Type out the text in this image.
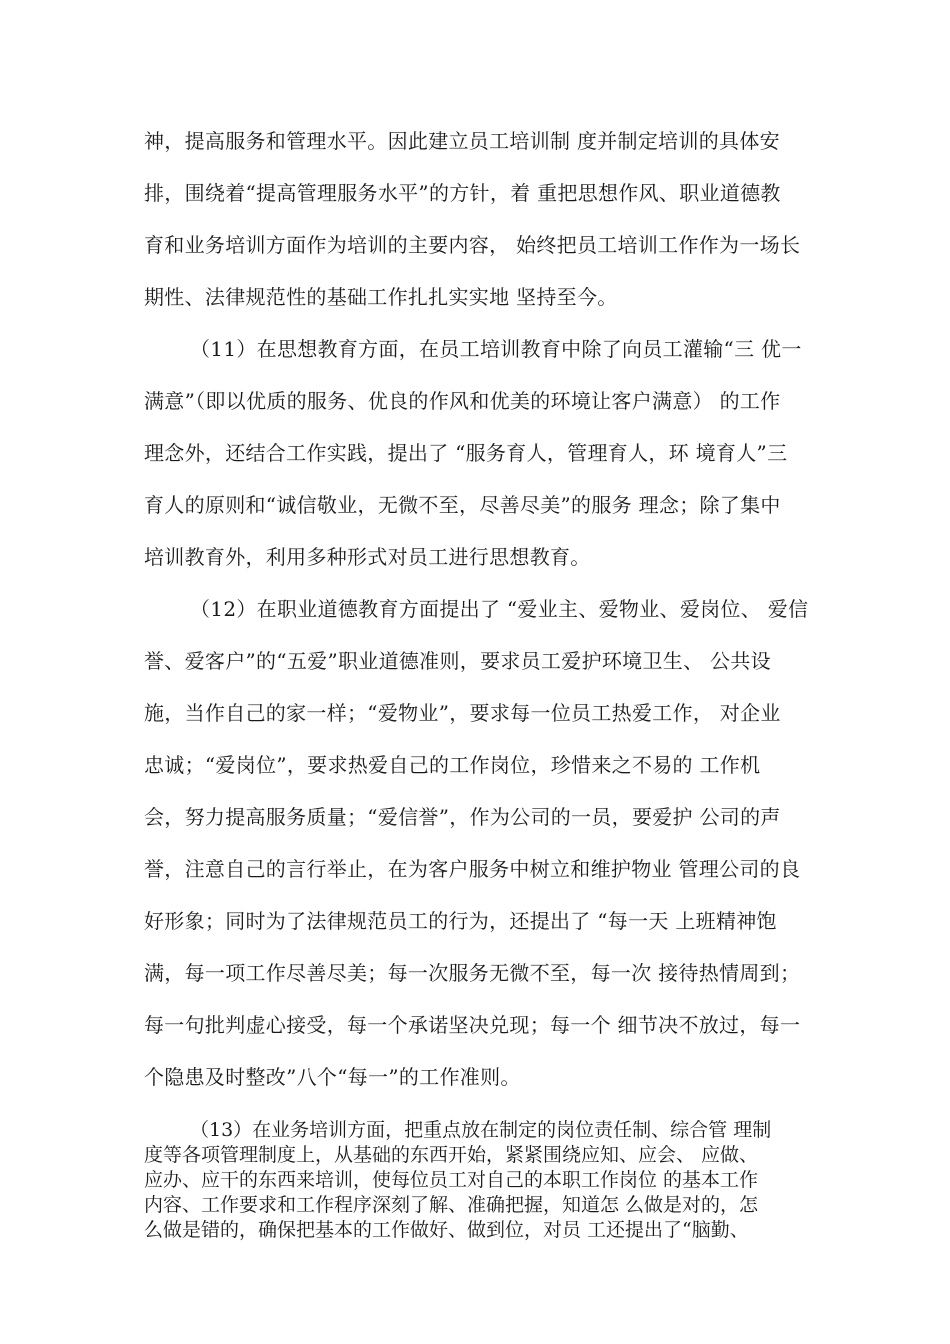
神，提高服务和管理水平。因此建立员工培训制 度并制定培训的具体安
排，围绕着“提高管理服务水平”的方针，着 重把思想作风、职业道德教
育和业务培训方面作为培训的主要内容， 始终把员工培训工作作为一场长
期性、法律规范性的基础工作扎扎实实地 坚持至今。
（11）在思想教育方面，在员工培训教育中除了向员工灌输“三 优一
满意”（即以优质的服务、优良的作风和优美的环境让客户满意） 的工作
理念外，还结合工作实践，提出了 “服务育人，管理育人，环 境育人”三
育人的原则和“诚信敬业，无微不至，尽善尽美”的服务 理念；除了集中
培训教育外，利用多种形式对员工进行思想教育。
（12）在职业道德教育方面提出了 “爱业主、爱物业、爱岗位、 爱信
誉、爱客户”的“五爱”职业道德准则，要求员工爱护环境卫生、 公共设
施，当作自己的家一样；“爱物业”，要求每一位员工热爱工作， 对企业
忠诚；“爱岗位”，要求热爱自己的工作岗位，珍惜来之不易的 工作机
会，努力提高服务质量；“爱信誉”，作为公司的一员，要爱护 公司的声
誉，注意自己的言行举止，在为客户服务中树立和维护物业 管理公司的良
好形象；同时为了法律规范员工的行为，还提出了 “每一天 上班精神饱
满，每一项工作尽善尽美；每一次服务无微不至，每一次 接待热情周到；
每一句批判虚心接受，每一个承诺坚决兑现；每一个 细节决不放过，每一
个隐患及时整改”八个“每一”的工作准则。
（13）在业务培训方面，把重点放在制定的岗位责任制、综合管 理制
度等各项管理制度上，从基础的东西开始，紧紧围绕应知、应会、 应做、
应办、应干的东西来培训，使每位员工对自己的本职工作岗位 的基本工作
内容、工作要求和工作程序深刻了解、准确把握，知道怎 么做是对的，怎
么做是错的，确保把基本的工作做好、做到位，对员 工还提出了“脑勤、
